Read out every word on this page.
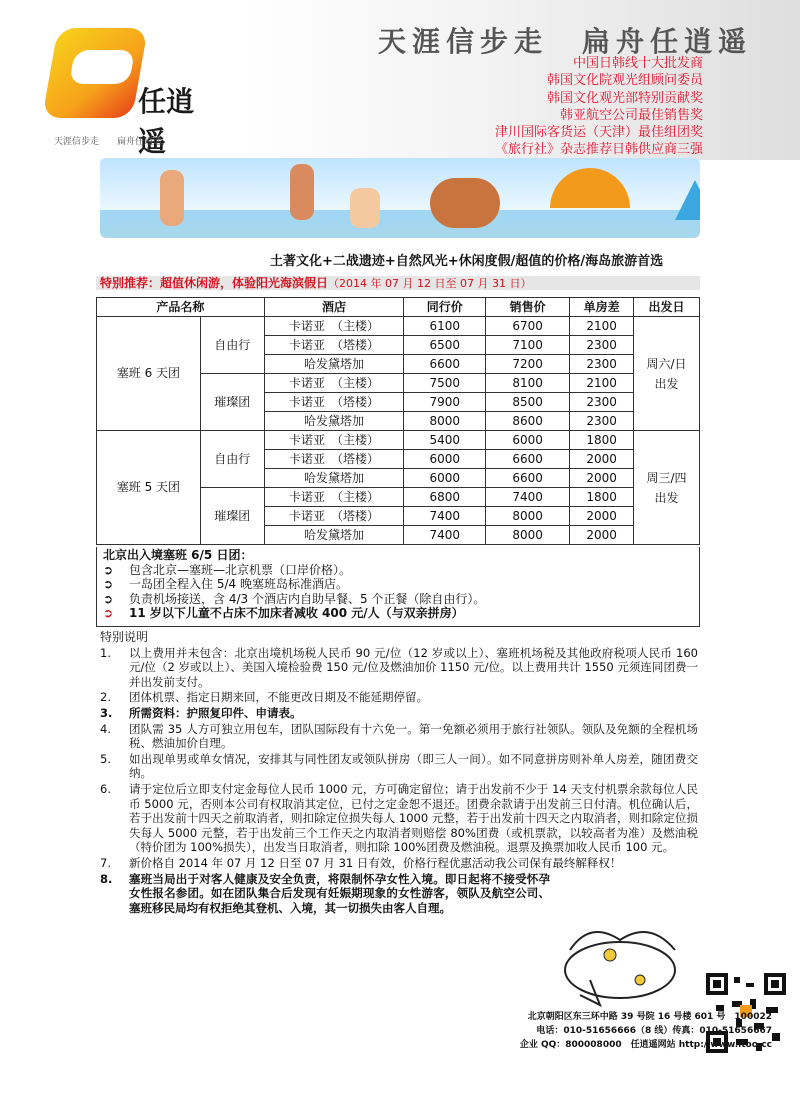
任逍遥
天涯信步走　　扁舟任逍遥
天涯信步走　扁舟任逍遥
中国日韩线十大批发商
韩国文化院观光组顾问委员
韩国文化观光部特别贡献奖
韩亚航空公司最佳销售奖
津川国际客货运（天津）最佳组团奖
《旅行社》杂志推荐日韩供应商三强
土著文化+二战遗迹+自然风光+休闲度假/超值的价格/海岛旅游首选
特别推荐：超值休闲游，体验阳光海滨假日（2014 年 07 月 12 日至 07 月 31 日）
产品名称		酒店	同行价	销售价	单房差	出发日
塞班 6 天团	自由行	卡诺亚　（主楼）	6100	6700	2100	周六/日出发
		卡诺亚　（塔楼）	6500	7100	2300	
		哈发黛塔加	6600	7200	2300	
	璀璨团	卡诺亚　（主楼）	7500	8100	2100	
		卡诺亚　（塔楼）	7900	8500	2300	
		哈发黛塔加	8000	8600	2300	
塞班 5 天团	自由行	卡诺亚　（主楼）	5400	6000	1800	周三/四出发
		卡诺亚　（塔楼）	6000	6600	2000	
		哈发黛塔加	6000	6600	2000	
	璀璨团	卡诺亚　（主楼）	6800	7400	1800	
		卡诺亚　（塔楼）	7400	8000	2000	
		哈发黛塔加	7400	8000	2000	
北京出入境塞班 6/5 日团：
➲	包含北京—塞班—北京机票（口岸价格）。
➲	一岛团全程入住 5/4 晚塞班岛标准酒店。
➲	负责机场接送，含 4/3 个酒店内自助早餐、5 个正餐（除自由行）。
➲	11 岁以下儿童不占床不加床者减收 400 元/人（与双亲拼房）
特别说明
1.	以上费用并未包含：北京出境机场税人民币 90 元/位（12 岁或以上）、塞班机场税及其他政府税项人民币 160 元/位（2 岁或以上）、美国入境检验费 150 元/位及燃油加价 1150 元/位。以上费用共计 1550 元须连同团费一并出发前支付。
2.	团体机票、指定日期来回，不能更改日期及不能延期停留。
3.	所需资料：护照复印件、申请表。
4.	团队需 35 人方可独立用包车，团队国际段有十六免一。第一免额必须用于旅行社领队。领队及免额的全程机场税、燃油加价自理。
5.	如出现单男或单女情况，安排其与同性团友或领队拼房（即三人一间）。如不同意拼房则补单人房差，随团费交纳。
6.	请于定位后立即支付定金每位人民币 1000 元，方可确定留位；请于出发前不少于 14 天支付机票余款每位人民币 5000 元，否则本公司有权取消其定位，已付之定金恕不退还。团费余款请于出发前三日付清。机位确认后，若于出发前十四天之前取消者，则扣除定位损失每人 1000 元整，若于出发前十四天之内取消者，则扣除定位损失每人 5000 元整，若于出发前三个工作天之内取消者则赔偿 80%团费（或机票款，以较高者为准）及燃油税（特价团为 100%损失），出发当日取消者，则扣除 100%团费及燃油税。退票及换票加收人民币 100 元。
7.	新价格自 2014 年 07 月 12 日至 07 月 31 日有效，价格行程优惠活动我公司保有最终解释权！
8.	塞班当局出于对客人健康及安全负责，将限制怀孕女性入境。即日起将不接受怀孕女性报名参团。如在团队集合后发现有妊娠期现象的女性游客，领队及航空公司、塞班移民局均有权拒绝其登机、入境，其一切损失由客人自理。
北京朝阳区东三环中路 39 号院 16 号楼 601 号　100022
电话：010-51656666（8 线）传真：010-51656667
企业 QQ：800008000　任逍遥网站 http://www.itoo.cc
